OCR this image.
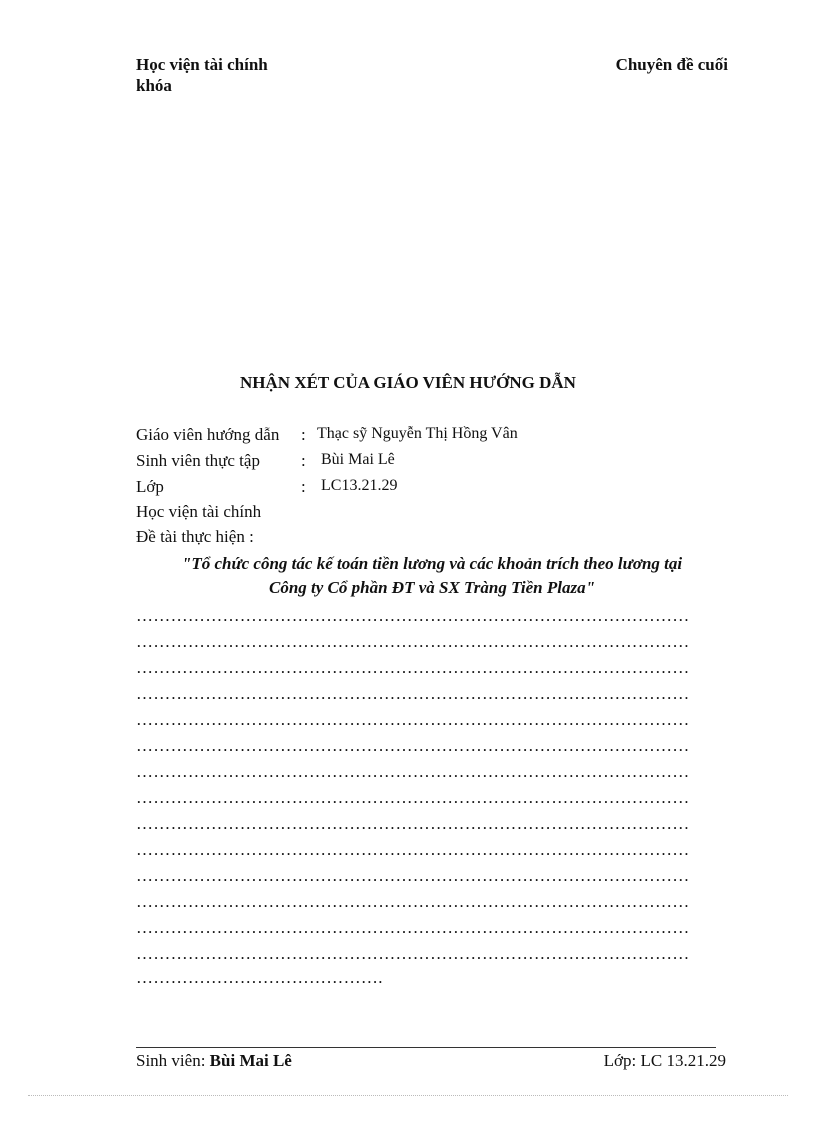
Học viện tài chính
khóa
Chuyên đề cuối
NHẬN XÉT CỦA GIÁO VIÊN HƯỚNG DẪN
Giáo viên hướng dẫn : Thạc sỹ Nguyễn Thị Hồng Vân
Sinh viên thực tập : Bùi Mai Lê
Lớp	: LC13.21.29
Học viện tài chính
Đề tài thực hiện :
"Tổ chức công tác kế toán tiền lương và các khoản trích theo lương tại
Công ty Cổ phần ĐT và SX Tràng Tiền Plaza"
……………………………………………………………………………………
……………………………………………………………………………………
……………………………………………………………………………………
……………………………………………………………………………………
……………………………………………………………………………………
……………………………………………………………………………………
……………………………………………………………………………………
……………………………………………………………………………………
……………………………………………………………………………………
……………………………………………………………………………………
……………………………………………………………………………………
……………………………………………………………………………………
……………………………………………………………………………………
……………………………………………………………………………………
…………………………………….
Sinh viên: Bùi Mai Lê	Lớp: LC 13.21.29
